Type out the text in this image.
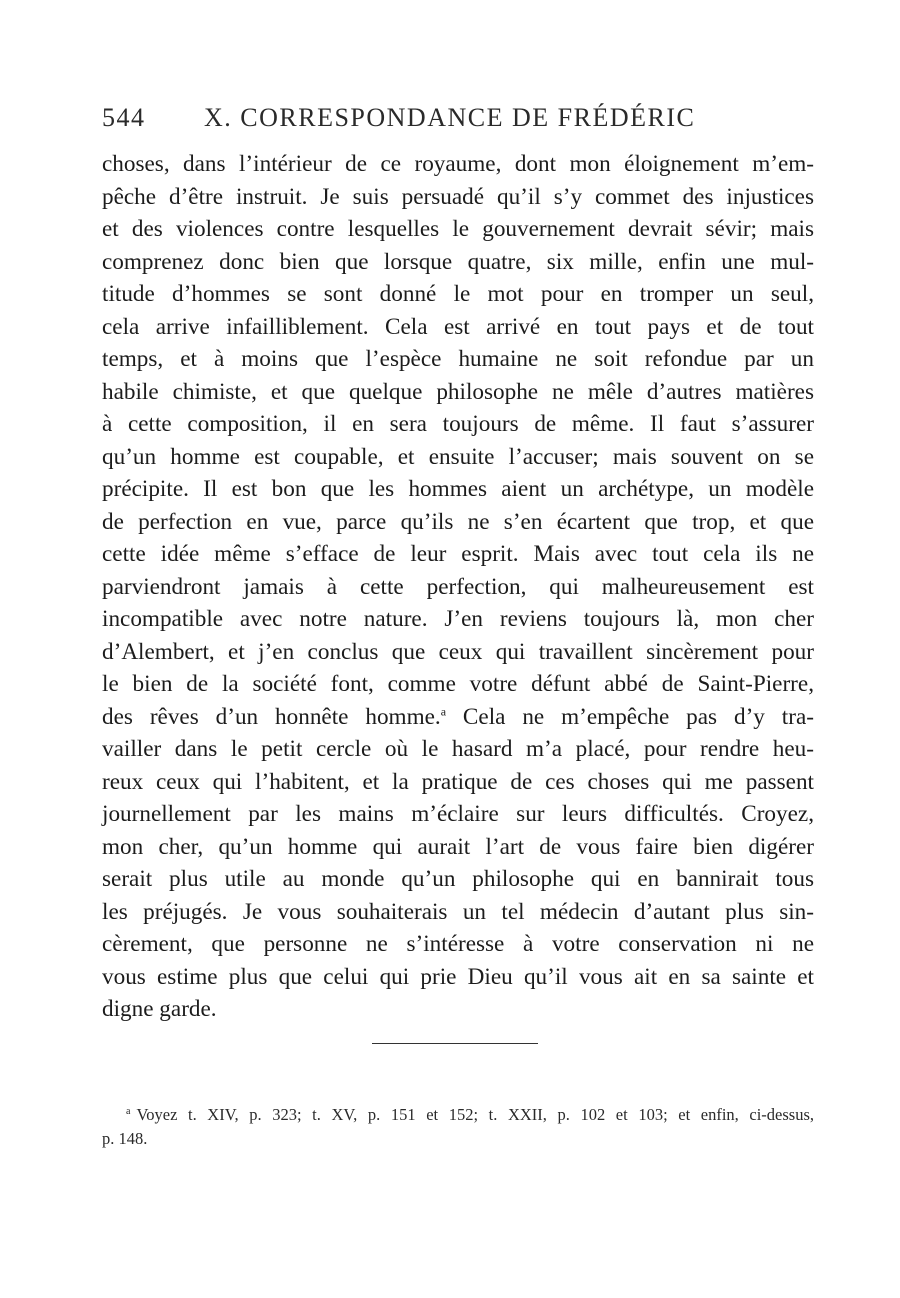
544 X. CORRESPONDANCE DE FRÉDÉRIC
choses, dans l’intérieur de ce royaume, dont mon éloignement m’em-
pêche d’être instruit. Je suis persuadé qu’il s’y commet des injustices
et des violences contre lesquelles le gouvernement devrait sévir; mais
comprenez donc bien que lorsque quatre, six mille, enfin une mul-
titude d’hommes se sont donné le mot pour en tromper un seul,
cela arrive infailliblement. Cela est arrivé en tout pays et de tout
temps, et à moins que l’espèce humaine ne soit refondue par un
habile chimiste, et que quelque philosophe ne mêle d’autres matières
à cette composition, il en sera toujours de même. Il faut s’assurer
qu’un homme est coupable, et ensuite l’accuser; mais souvent on se
précipite. Il est bon que les hommes aient un archétype, un modèle
de perfection en vue, parce qu’ils ne s’en écartent que trop, et que
cette idée même s’efface de leur esprit. Mais avec tout cela ils ne
parviendront jamais à cette perfection, qui malheureusement est
incompatible avec notre nature. J’en reviens toujours là, mon cher
d’Alembert, et j’en conclus que ceux qui travaillent sincèrement pour
le bien de la société font, comme votre défunt abbé de Saint-Pierre,
des rêves d’un honnête homme.$^a$ Cela ne m’empêche pas d’y tra-
vailler dans le petit cercle où le hasard m’a placé, pour rendre heu-
reux ceux qui l’habitent, et la pratique de ces choses qui me passent
journellement par les mains m’éclaire sur leurs difficultés. Croyez,
mon cher, qu’un homme qui aurait l’art de vous faire bien digérer
serait plus utile au monde qu’un philosophe qui en bannirait tous
les préjugés. Je vous souhaiterais un tel médecin d’autant plus sin-
cèrement, que personne ne s’intéresse à votre conservation ni ne
vous estime plus que celui qui prie Dieu qu’il vous ait en sa sainte et
digne garde.
$^a$ Voyez t. XIV, p. 323; t. XV, p. 151 et 152; t. XXII, p. 102 et 103; et enfin, ci-dessus,
p. 148.
